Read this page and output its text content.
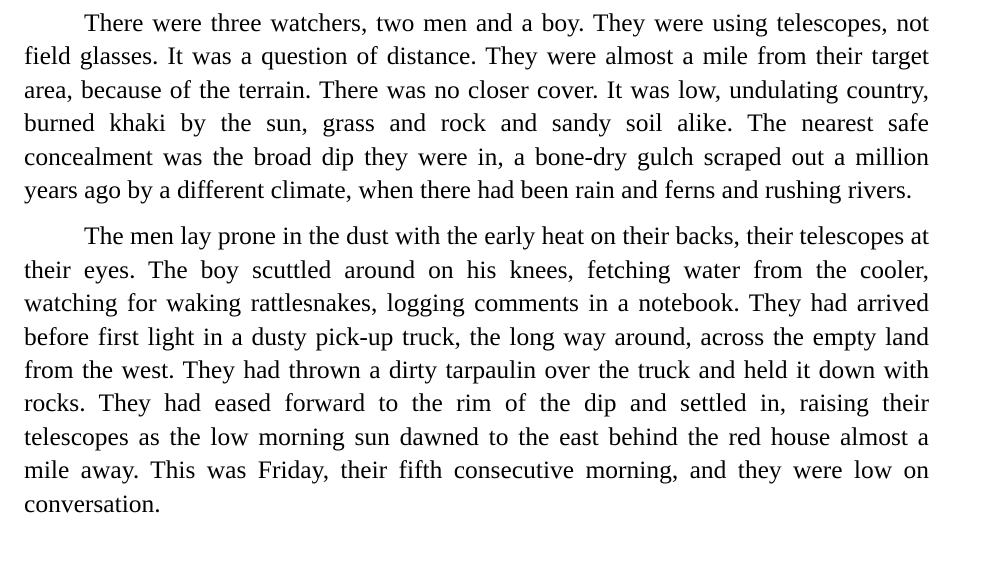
There were three watchers, two men and a boy. They were using telescopes, not field glasses. It was a question of distance. They were almost a mile from their target area, because of the terrain. There was no closer cover. It was low, undulating country, burned khaki by the sun, grass and rock and sandy soil alike. The nearest safe concealment was the broad dip they were in, a bone-dry gulch scraped out a million years ago by a different climate, when there had been rain and ferns and rushing rivers.

The men lay prone in the dust with the early heat on their backs, their telescopes at their eyes. The boy scuttled around on his knees, fetching water from the cooler, watching for waking rattlesnakes, logging comments in a notebook. They had arrived before first light in a dusty pick-up truck, the long way around, across the empty land from the west. They had thrown a dirty tarpaulin over the truck and held it down with rocks. They had eased forward to the rim of the dip and settled in, raising their telescopes as the low morning sun dawned to the east behind the red house almost a mile away. This was Friday, their fifth consecutive morning, and they were low on conversation.
